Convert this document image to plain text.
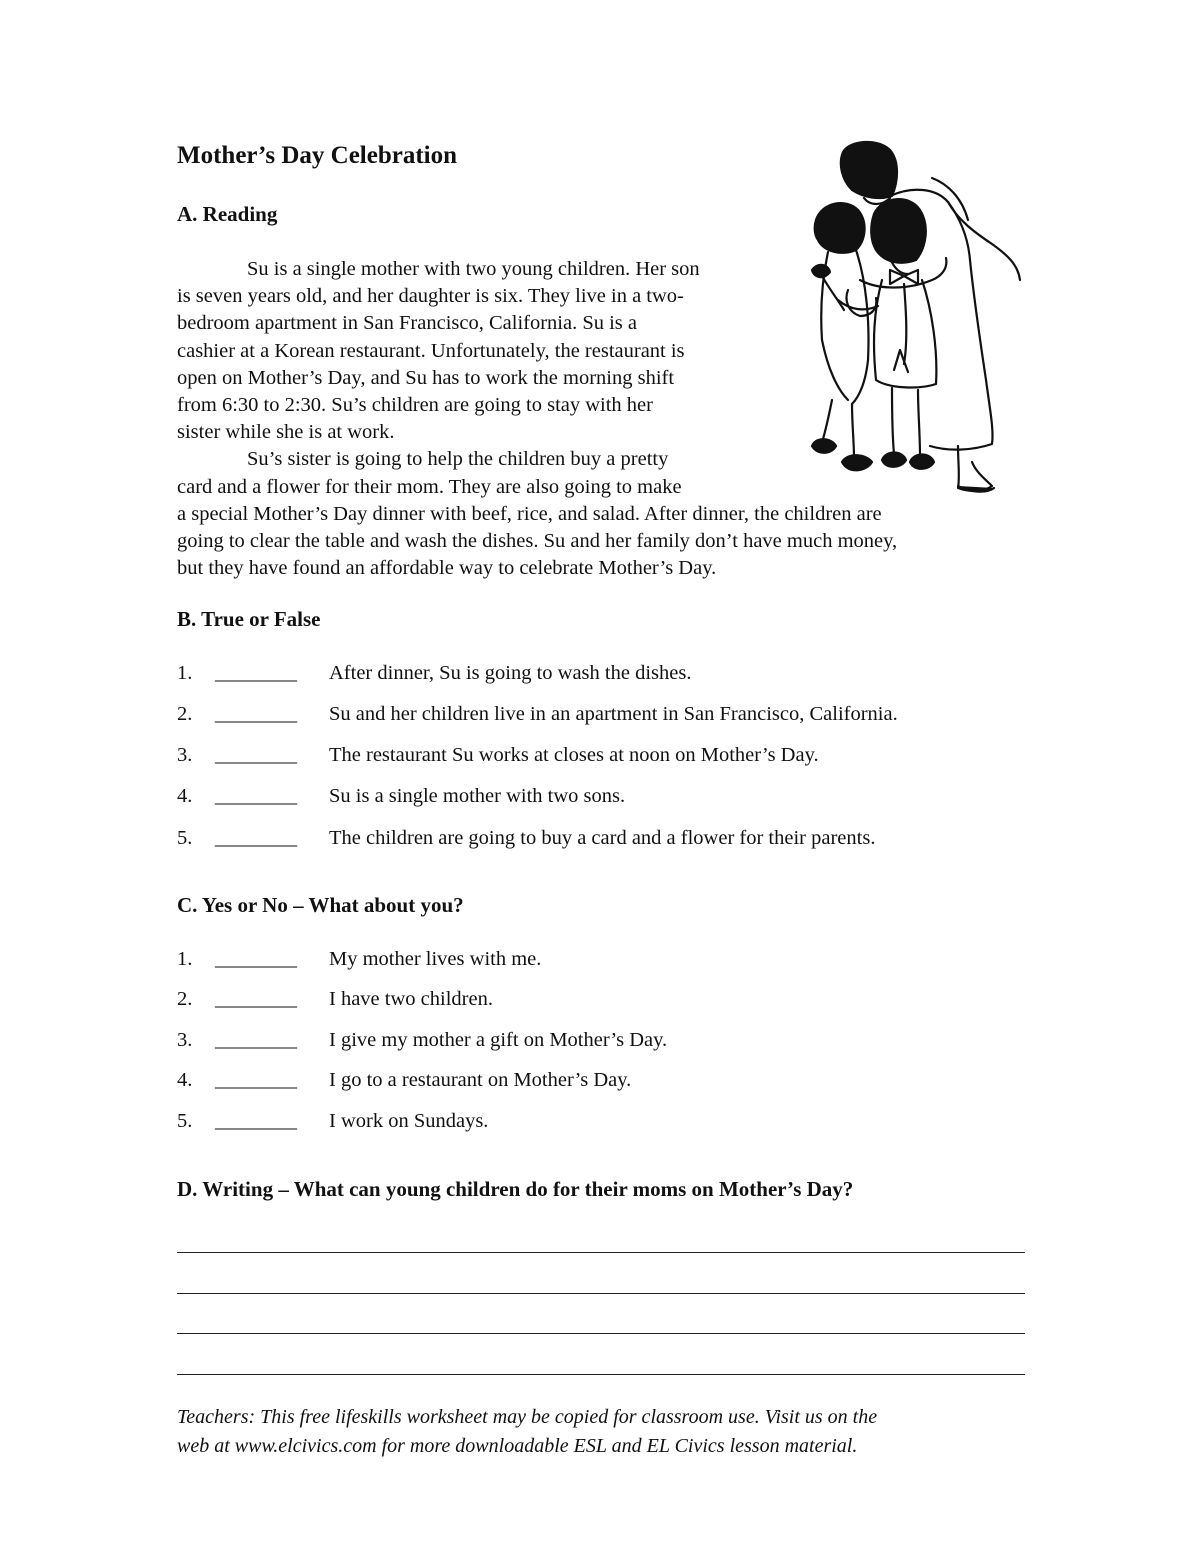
Mother’s Day Celebration
A. Reading
Su is a single mother with two young children. Her son
is seven years old, and her daughter is six. They live in a two-
bedroom apartment in San Francisco, California. Su is a
cashier at a Korean restaurant. Unfortunately, the restaurant is
open on Mother’s Day, and Su has to work the morning shift
from 6:30 to 2:30. Su’s children are going to stay with her
sister while she is at work.
Su’s sister is going to help the children buy a pretty
card and a flower for their mom. They are also going to make
a special Mother’s Day dinner with beef, rice, and salad. After dinner, the children are
going to clear the table and wash the dishes. Su and her family don’t have much money,
but they have found an affordable way to celebrate Mother’s Day.
B. True or False
1. ________ After dinner, Su is going to wash the dishes.
2. ________ Su and her children live in an apartment in San Francisco, California.
3. ________ The restaurant Su works at closes at noon on Mother’s Day.
4. ________ Su is a single mother with two sons.
5. ________ The children are going to buy a card and a flower for their parents.
C. Yes or No – What about you?
1. ________ My mother lives with me.
2. ________ I have two children.
3. ________ I give my mother a gift on Mother’s Day.
4. ________ I go to a restaurant on Mother’s Day.
5. ________ I work on Sundays.
D. Writing – What can young children do for their moms on Mother’s Day?
Teachers: This free lifeskills worksheet may be copied for classroom use. Visit us on the
web at www.elcivics.com for more downloadable ESL and EL Civics lesson material.
